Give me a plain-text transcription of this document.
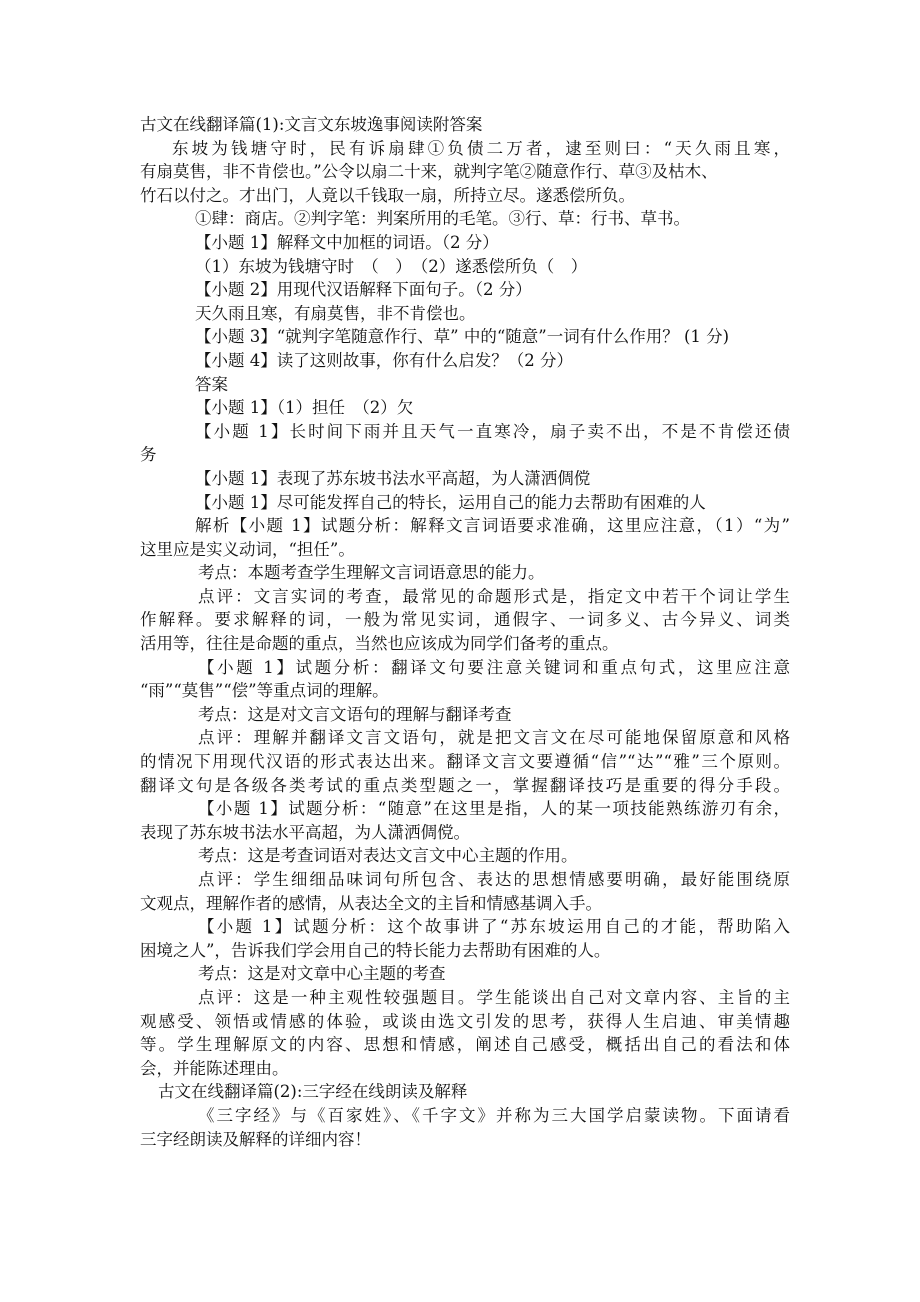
古文在线翻译篇(1):文言文东坡逸事阅读附答案
东坡为钱塘守时，民有诉扇肆①负债二万者，逮至则曰：“天久雨且寒，
有扇莫售，非不肯偿也。”公令以扇二十来，就判字笔②随意作行、草③及枯木、
竹石以付之。才出门，人竟以千钱取一扇，所持立尽。遂悉偿所负。
①肆：商店。②判字笔：判案所用的毛笔。③行、草：行书、草书。
【小题 1】解释文中加框的词语。（2 分）
（1）东坡为钱塘守时　（　）　（2）遂悉偿所负（　）
【小题 2】用现代汉语解释下面句子。（2 分）
天久雨且寒，有扇莫售，非不肯偿也。
【小题 3】“就判字笔随意作行、草” 中的“随意”一词有什么作用？ (1 分)
【小题 4】读了这则故事，你有什么启发？（2 分）
答案
【小题 1】（1）担任　（2）欠
【小题 1】长时间下雨并且天气一直寒冷，扇子卖不出，不是不肯偿还债
务
【小题 1】表现了苏东坡书法水平高超，为人潇洒倜傥
【小题 1】尽可能发挥自己的特长，运用自己的能力去帮助有困难的人
解析【小题 1】试题分析：解释文言词语要求准确，这里应注意，（1）“为”
这里应是实义动词，“担任”。
考点：本题考查学生理解文言词语意思的能力。
点评：文言实词的考查，最常见的命题形式是，指定文中若干个词让学生
作解释。要求解释的词，一般为常见实词，通假字、一词多义、古今异义、词类
活用等，往往是命题的重点，当然也应该成为同学们备考的重点。
【小题 1】试题分析：翻译文句要注意关键词和重点句式，这里应注意
“雨”“莫售”“偿”等重点词的理解。
考点：这是对文言文语句的理解与翻译考查
点评：理解并翻译文言文语句，就是把文言文在尽可能地保留原意和风格
的情况下用现代汉语的形式表达出来。翻译文言文要遵循“信”“达”“雅”三个原则。
翻译文句是各级各类考试的重点类型题之一，掌握翻译技巧是重要的得分手段。
【小题 1】试题分析：“随意”在这里是指，人的某一项技能熟练游刃有余，
表现了苏东坡书法水平高超，为人潇洒倜傥。
考点：这是考查词语对表达文言文中心主题的作用。
点评：学生细细品味词句所包含、表达的思想情感要明确，最好能围绕原
文观点，理解作者的感情，从表达全文的主旨和情感基调入手。
【小题 1】试题分析：这个故事讲了“苏东坡运用自己的才能，帮助陷入
困境之人”，告诉我们学会用自己的特长能力去帮助有困难的人。
考点：这是对文章中心主题的考查
点评：这是一种主观性较强题目。学生能谈出自己对文章内容、主旨的主
观感受、领悟或情感的体验，或谈由选文引发的思考，获得人生启迪、审美情趣
等。学生理解原文的内容、思想和情感，阐述自己感受，概括出自己的看法和体
会，并能陈述理由。
古文在线翻译篇(2):三字经在线朗读及解释
《三字经》与《百家姓》、《千字文》并称为三大国学启蒙读物。下面请看
三字经朗读及解释的详细内容！
